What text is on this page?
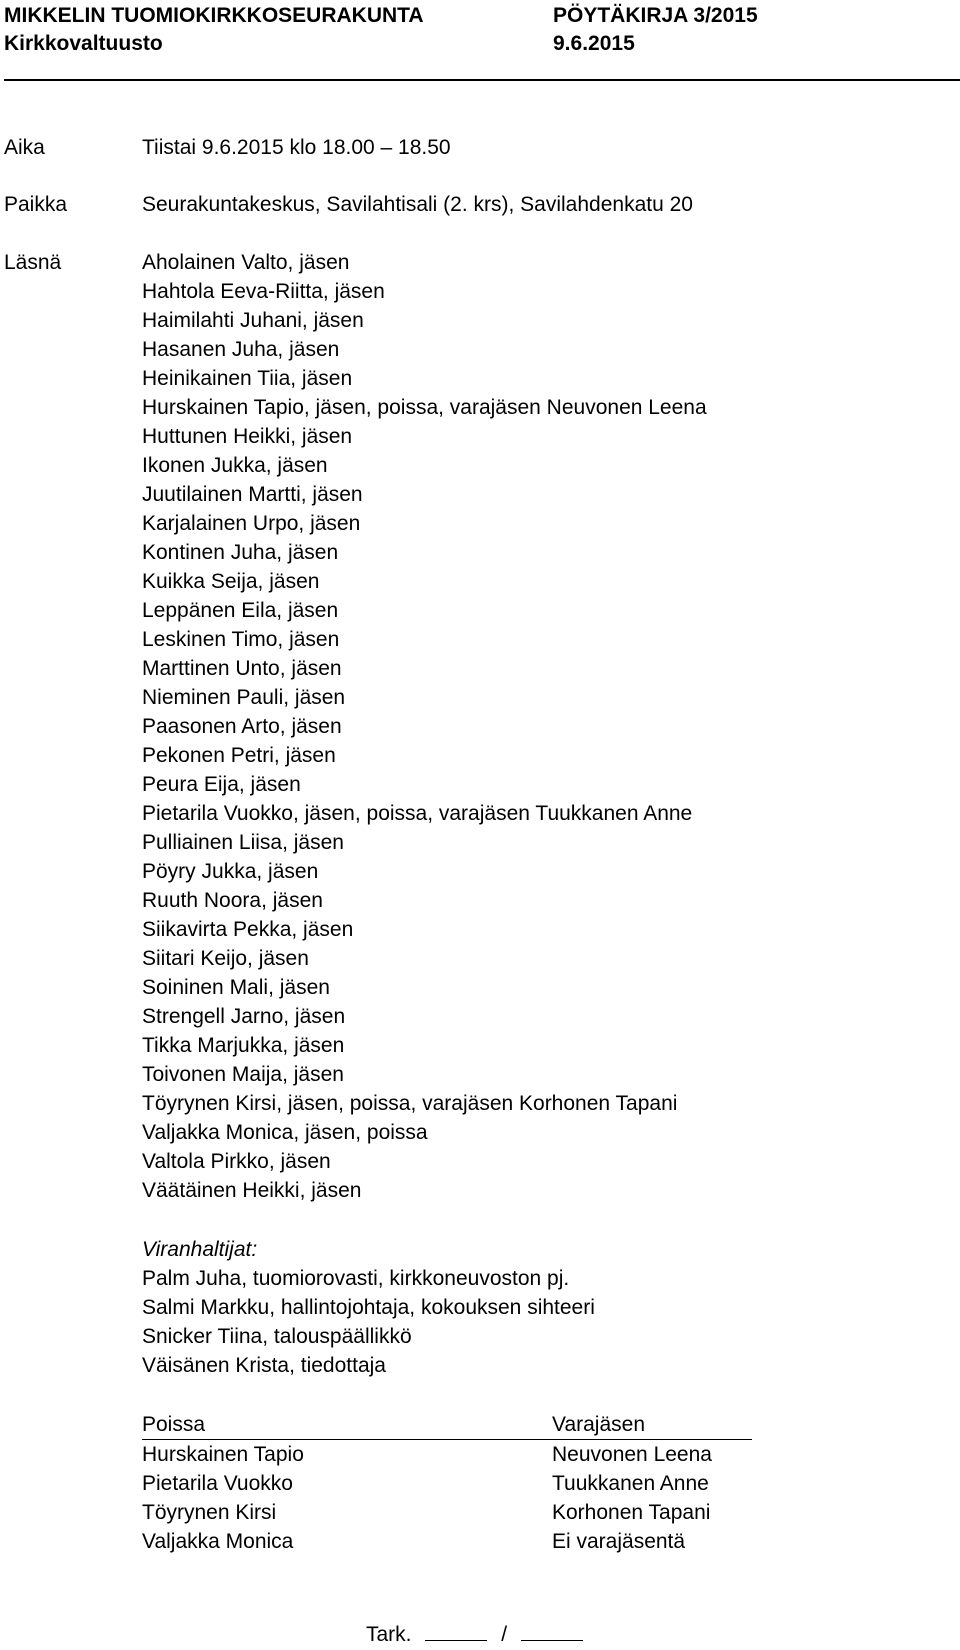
MIKKELIN TUOMIOKIRKKOSEURAKUNTA
Kirkkovaltuusto
PÖYTÄKIRJA 3/2015
9.6.2015
Aika	Tiistai 9.6.2015 klo 18.00 – 18.50
Paikka	Seurakuntakeskus, Savilahtisali (2. krs), Savilahdenkatu 20
Läsnä	Aholainen Valto, jäsen
Hahtola Eeva-Riitta, jäsen
Haimilahti Juhani, jäsen
Hasanen Juha, jäsen
Heinikainen Tiia, jäsen
Hurskainen Tapio, jäsen, poissa, varajäsen Neuvonen Leena
Huttunen Heikki, jäsen
Ikonen Jukka, jäsen
Juutilainen Martti, jäsen
Karjalainen Urpo, jäsen
Kontinen Juha, jäsen
Kuikka Seija, jäsen
Leppänen Eila, jäsen
Leskinen Timo, jäsen
Marttinen Unto, jäsen
Nieminen Pauli, jäsen
Paasonen Arto, jäsen
Pekonen Petri, jäsen
Peura Eija, jäsen
Pietarila Vuokko, jäsen, poissa, varajäsen Tuukkanen Anne
Pulliainen Liisa, jäsen
Pöyry Jukka, jäsen
Ruuth Noora, jäsen
Siikavirta Pekka, jäsen
Siitari Keijo, jäsen
Soininen Mali, jäsen
Strengell Jarno, jäsen
Tikka Marjukka, jäsen
Toivonen Maija, jäsen
Töyrynen Kirsi, jäsen, poissa, varajäsen Korhonen Tapani
Valjakka Monica, jäsen, poissa
Valtola Pirkko, jäsen
Väätäinen Heikki, jäsen
Viranhaltijat:
Palm Juha, tuomiorovasti, kirkkoneuvoston pj.
Salmi Markku, hallintojohtaja, kokouksen sihteeri
Snicker Tiina, talouspäällikkö
Väisänen Krista, tiedottaja
Poissa	Varajäsen
Hurskainen Tapio	Neuvonen Leena
Pietarila Vuokko	Tuukkanen Anne
Töyrynen Kirsi	Korhonen Tapani
Valjakka Monica	Ei varajäsentä
Tark.	/
